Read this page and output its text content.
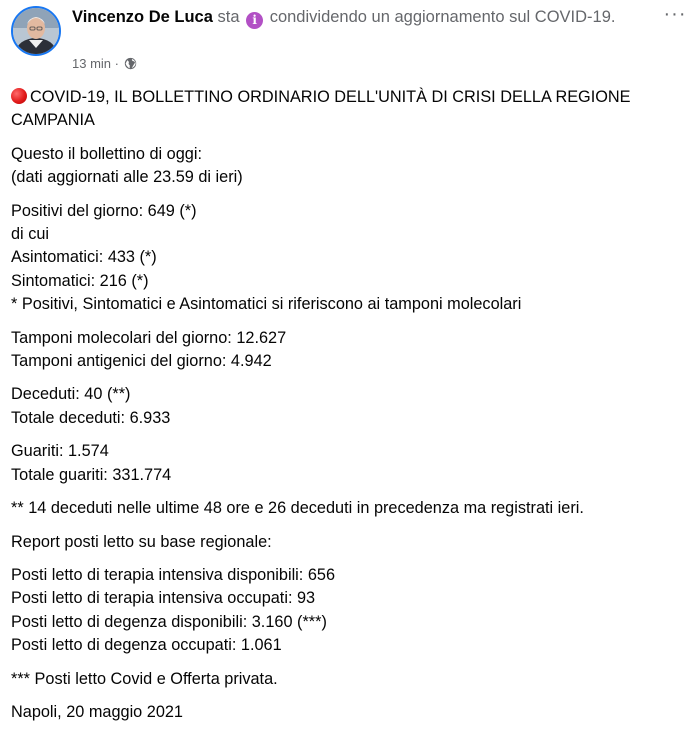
Vincenzo De Luca sta i condividendo un aggiornamento sul COVID-19.	···
13 min ·

COVID-19, IL BOLLETTINO ORDINARIO DELL'UNITÀ DI CRISI DELLA REGIONE CAMPANIA

Questo il bollettino di oggi:
(dati aggiornati alle 23.59 di ieri)

Positivi del giorno: 649 (*)
di cui
Asintomatici: 433 (*)
Sintomatici: 216 (*)
* Positivi, Sintomatici e Asintomatici si riferiscono ai tamponi molecolari

Tamponi molecolari del giorno: 12.627
Tamponi antigenici del giorno: 4.942

Deceduti: 40 (**)
Totale deceduti: 6.933

Guariti: 1.574
Totale guariti: 331.774

** 14 deceduti nelle ultime 48 ore e 26 deceduti in precedenza ma registrati ieri.

Report posti letto su base regionale:

Posti letto di terapia intensiva disponibili: 656
Posti letto di terapia intensiva occupati: 93
Posti letto di degenza disponibili: 3.160 (***)
Posti letto di degenza occupati: 1.061

*** Posti letto Covid e Offerta privata.

Napoli, 20 maggio 2021
